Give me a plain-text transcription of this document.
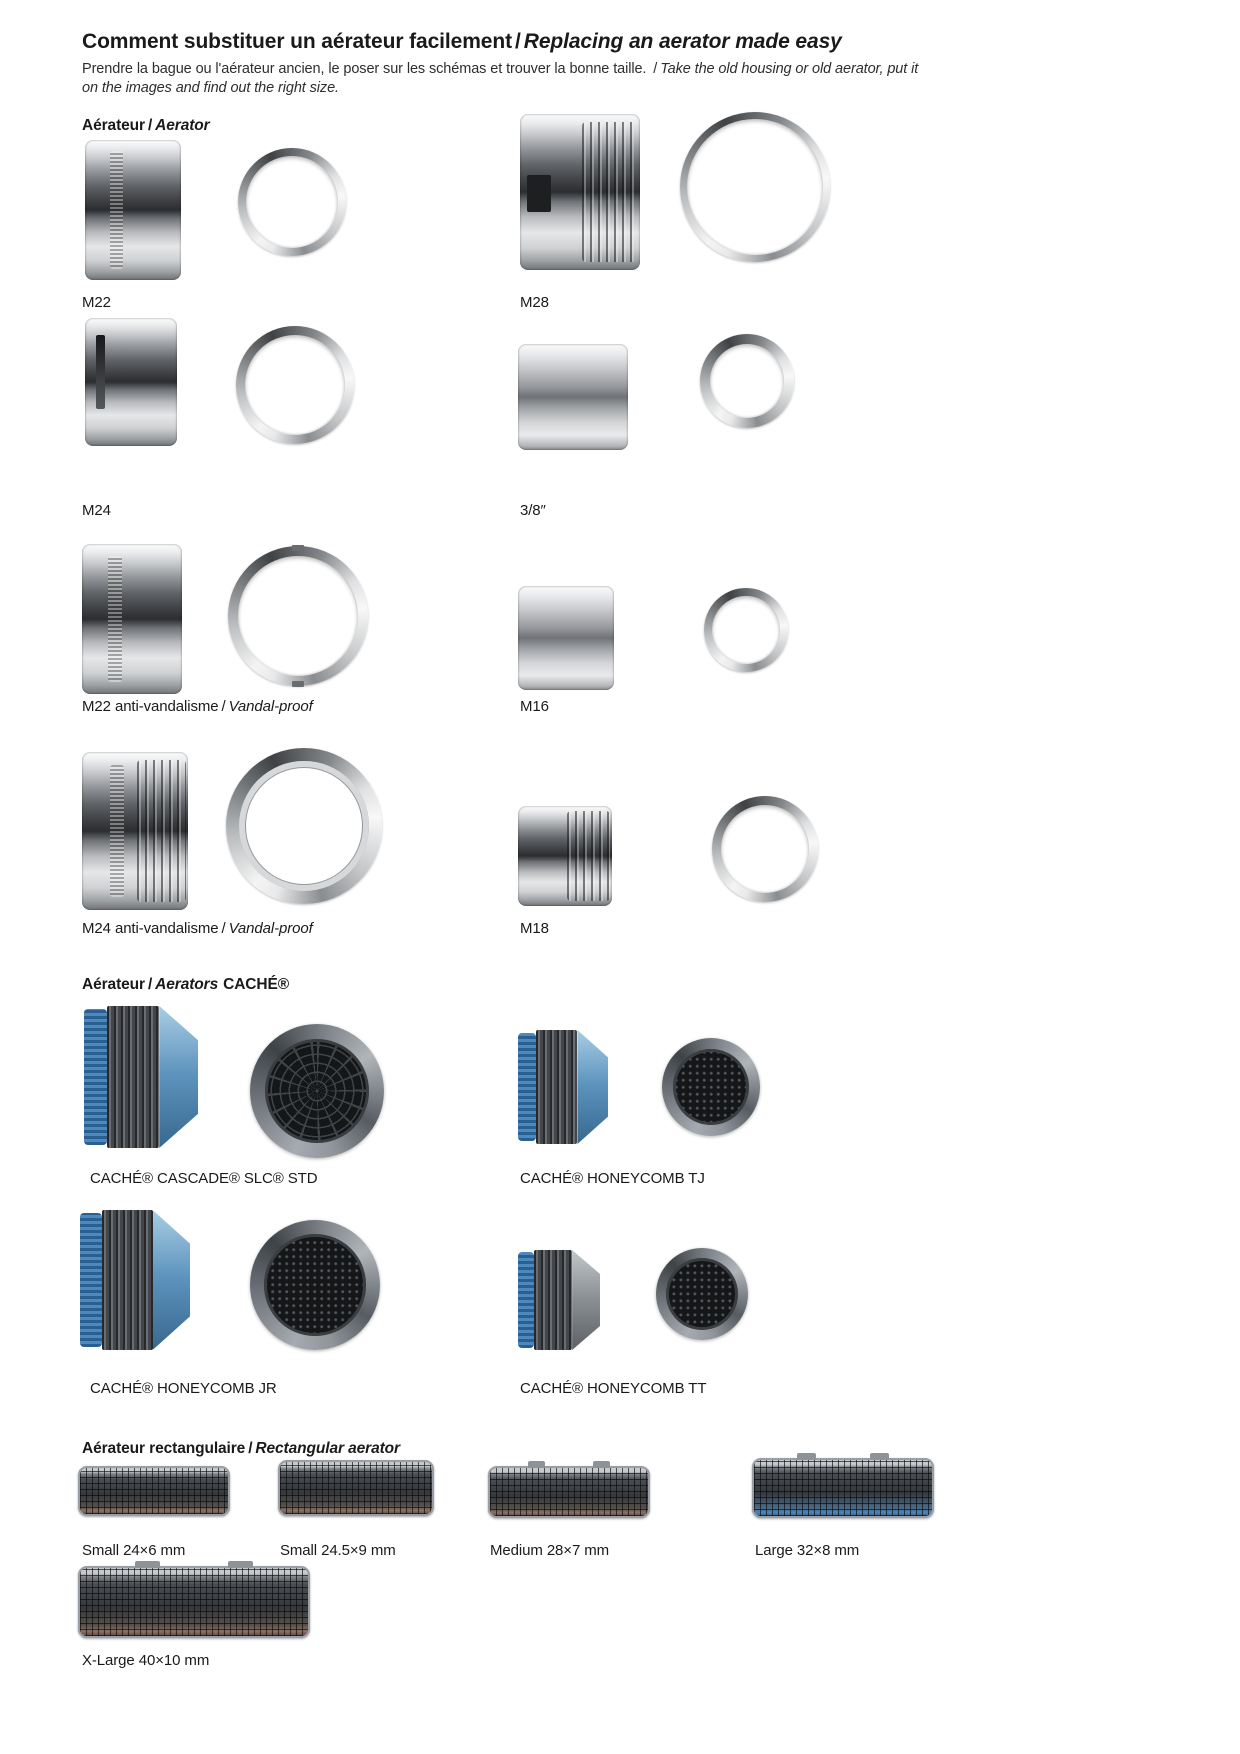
Comment substituer un aérateur facilement / Replacing an aerator made easy

Prendre la bague ou l'aérateur ancien, le poser sur les schémas et trouver la bonne taille. / Take the old housing or old aerator, put it
on the images and find out the right size.

Aérateur / Aerator
M22	M28
M24	3/8″
M22 anti-vandalisme / Vandal-proof	M16
M24 anti-vandalisme / Vandal-proof	M18
Aérateur / Aerators CACHÉ®
CACHÉ® CASCADE® SLC® STD	CACHÉ® HONEYCOMB TJ
CACHÉ® HONEYCOMB JR	CACHÉ® HONEYCOMB TT
Aérateur rectangulaire / Rectangular aerator
Small 24×6 mm	Small 24.5×9 mm	Medium 28×7 mm	Large 32×8 mm
X-Large 40×10 mm
